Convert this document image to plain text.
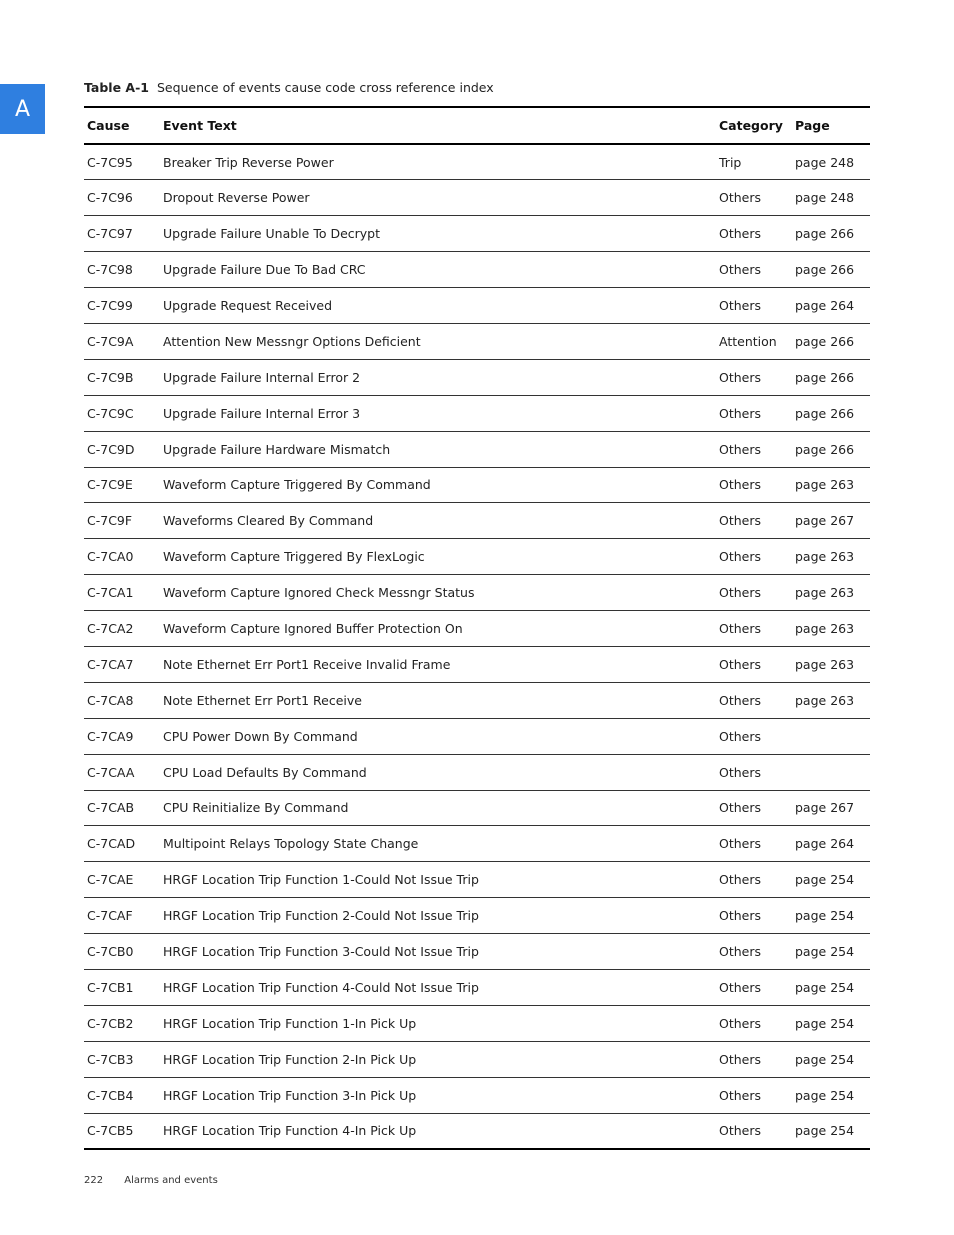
A
Table A-1 Sequence of events cause code cross reference index
Cause	Event Text	Category	Page
C-7C95	Breaker Trip Reverse Power	Trip	page 248
C-7C96	Dropout Reverse Power	Others	page 248
C-7C97	Upgrade Failure Unable To Decrypt	Others	page 266
C-7C98	Upgrade Failure Due To Bad CRC	Others	page 266
C-7C99	Upgrade Request Received	Others	page 264
C-7C9A	Attention New Messngr Options Deficient	Attention	page 266
C-7C9B	Upgrade Failure Internal Error 2	Others	page 266
C-7C9C	Upgrade Failure Internal Error 3	Others	page 266
C-7C9D	Upgrade Failure Hardware Mismatch	Others	page 266
C-7C9E	Waveform Capture Triggered By Command	Others	page 263
C-7C9F	Waveforms Cleared By Command	Others	page 267
C-7CA0	Waveform Capture Triggered By FlexLogic	Others	page 263
C-7CA1	Waveform Capture Ignored Check Messngr Status	Others	page 263
C-7CA2	Waveform Capture Ignored Buffer Protection On	Others	page 263
C-7CA7	Note Ethernet Err Port1 Receive Invalid Frame	Others	page 263
C-7CA8	Note Ethernet Err Port1 Receive	Others	page 263
C-7CA9	CPU Power Down By Command	Others	
C-7CAA	CPU Load Defaults By Command	Others	
C-7CAB	CPU Reinitialize By Command	Others	page 267
C-7CAD	Multipoint Relays Topology State Change	Others	page 264
C-7CAE	HRGF Location Trip Function 1-Could Not Issue Trip	Others	page 254
C-7CAF	HRGF Location Trip Function 2-Could Not Issue Trip	Others	page 254
C-7CB0	HRGF Location Trip Function 3-Could Not Issue Trip	Others	page 254
C-7CB1	HRGF Location Trip Function 4-Could Not Issue Trip	Others	page 254
C-7CB2	HRGF Location Trip Function 1-In Pick Up	Others	page 254
C-7CB3	HRGF Location Trip Function 2-In Pick Up	Others	page 254
C-7CB4	HRGF Location Trip Function 3-In Pick Up	Others	page 254
C-7CB5	HRGF Location Trip Function 4-In Pick Up	Others	page 254
222 Alarms and events
